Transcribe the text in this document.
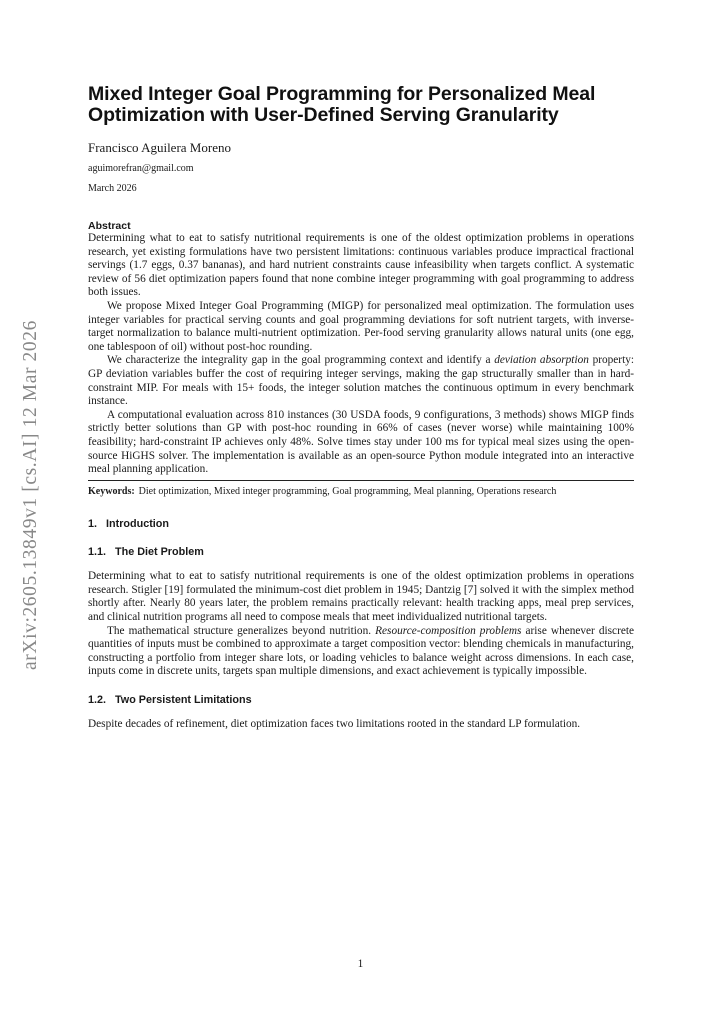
arXiv:2605.13849v1 [cs.AI] 12 Mar 2026
Mixed Integer Goal Programming for Personalized Meal Optimization with User-Defined Serving Granularity
Francisco Aguilera Moreno
aguimorefran@gmail.com
March 2026
Abstract

Determining what to eat to satisfy nutritional requirements is one of the oldest optimization problems in operations research, yet existing formulations have two persistent limitations: continuous variables produce impractical fractional servings (1.7 eggs, 0.37 bananas), and hard nutrient constraints cause infeasibility when targets conflict. A systematic review of 56 diet optimization papers found that none combine integer programming with goal programming to address both issues.

We propose Mixed Integer Goal Programming (MIGP) for personalized meal optimization. The formulation uses integer variables for practical serving counts and goal programming deviations for soft nutrient targets, with inverse-target normalization to balance multi-nutrient optimization. Per-food serving granularity allows natural units (one egg, one tablespoon of oil) without post-hoc rounding.

We characterize the integrality gap in the goal programming context and identify a deviation absorption property: GP deviation variables buffer the cost of requiring integer servings, making the gap structurally smaller than in hard-constraint MIP. For meals with 15+ foods, the integer solution matches the continuous optimum in every benchmark instance.

A computational evaluation across 810 instances (30 USDA foods, 9 configurations, 3 methods) shows MIGP finds strictly better solutions than GP with post-hoc rounding in 66% of cases (never worse) while maintaining 100% feasibility; hard-constraint IP achieves only 48%. Solve times stay under 100 ms for typical meal sizes using the open-source HiGHS solver. The implementation is available as an open-source Python module integrated into an interactive meal planning application.

Keywords: Diet optimization, Mixed integer programming, Goal programming, Meal planning, Operations research
1. Introduction
1.1. The Diet Problem

Determining what to eat to satisfy nutritional requirements is one of the oldest optimization problems in operations research. Stigler [19] formulated the minimum-cost diet problem in 1945; Dantzig [7] solved it with the simplex method shortly after. Nearly 80 years later, the problem remains practically relevant: health tracking apps, meal prep services, and clinical nutrition programs all need to compose meals that meet individualized nutritional targets.

The mathematical structure generalizes beyond nutrition. Resource-composition problems arise whenever discrete quantities of inputs must be combined to approximate a target composition vector: blending chemicals in manufacturing, constructing a portfolio from integer share lots, or loading vehicles to balance weight across dimensions. In each case, inputs come in discrete units, targets span multiple dimensions, and exact achievement is typically impossible.

1.2. Two Persistent Limitations

Despite decades of refinement, diet optimization faces two limitations rooted in the standard LP formulation.

1
